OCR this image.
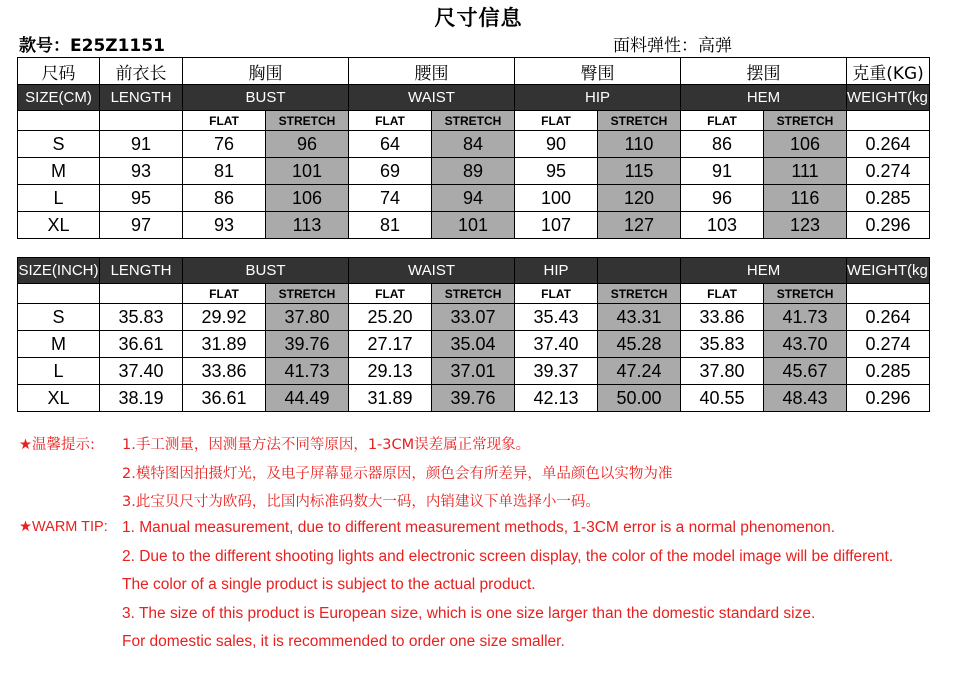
尺寸信息
款号：E25Z1151	面料弹性：高弹
尺码	前衣长	胸围		腰围		臀围		摆围		克重(KG)
SIZE(CM)	LENGTH	BUST		WAIST		HIP		HEM		WEIGHT(kg
		FLAT	STRETCH	FLAT	STRETCH	FLAT	STRETCH	FLAT	STRETCH	
S	91	76	96	64	84	90	110	86	106	0.264
M	93	81	101	69	89	95	115	91	111	0.274
L	95	86	106	74	94	100	120	96	116	0.285
XL	97	93	113	81	101	107	127	103	123	0.296
SIZE(INCH)	LENGTH	BUST		WAIST		HIP		HEM		WEIGHT(kg
		FLAT	STRETCH	FLAT	STRETCH	FLAT	STRETCH	FLAT	STRETCH	
S	35.83	29.92	37.80	25.20	33.07	35.43	43.31	33.86	41.73	0.264
M	36.61	31.89	39.76	27.17	35.04	37.40	45.28	35.83	43.70	0.274
L	37.40	33.86	41.73	29.13	37.01	39.37	47.24	37.80	45.67	0.285
XL	38.19	36.61	44.49	31.89	39.76	42.13	50.00	40.55	48.43	0.296
★温馨提示: 1.手工测量，因测量方法不同等原因，1-3CM误差属正常现象。
2.模特图因拍摄灯光，及电子屏幕显示器原因，颜色会有所差异，单品颜色以实物为准
3.此宝贝尺寸为欧码，比国内标准码数大一码，内销建议下单选择小一码。
★WARM TIP: 1. Manual measurement, due to different measurement methods, 1-3CM error is a normal phenomenon.
2. Due to the different shooting lights and electronic screen display, the color of the model image will be different.
The color of a single product is subject to the actual product.
3. The size of this product is European size, which is one size larger than the domestic standard size.
For domestic sales, it is recommended to order one size smaller.
